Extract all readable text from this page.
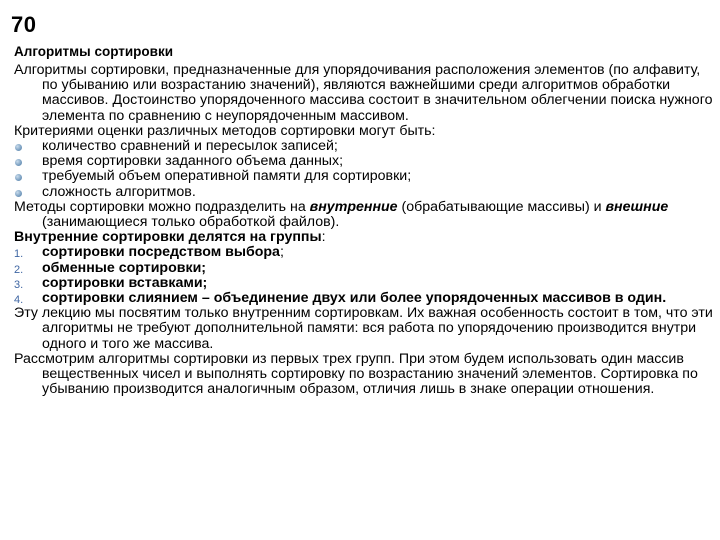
70
Алгоритмы сортировки

Алгоритмы сортировки, предназначенные для упорядочивания расположения элементов (по алфавиту, по убыванию или возрастанию значений), являются важнейшими среди алгоритмов обработки массивов. Достоинство упорядоченного массива состоит в значительном облегчении поиска нужного элемента по сравнению с неупорядоченным массивом.

Критериями оценки различных методов сортировки могут быть:

количество сравнений и пересылок записей;
время сортировки заданного объема данных;
требуемый объем оперативной памяти для сортировки;
сложность алгоритмов.

Методы сортировки можно подразделить на внутренние (обрабатывающие массивы) и внешние (занимающиеся только обработкой файлов).

Внутренние сортировки делятся на группы:

1.	сортировки посредством выбора;
2.	обменные сортировки;
3.	сортировки вставками;
4.	сортировки слиянием – объединение двух или более упорядоченных массивов в один.

Эту лекцию мы посвятим только внутренним сортировкам. Их важная особенность состоит в том, что эти алгоритмы не требуют дополнительной памяти: вся работа по упорядочению производится внутри одного и того же массива.

Рассмотрим алгоритмы сортировки из первых трех групп. При этом будем использовать один массив вещественных чисел и выполнять сортировку по возрастанию значений элементов. Сортировка по убыванию производится аналогичным образом, отличия лишь в знаке операции отношения.
